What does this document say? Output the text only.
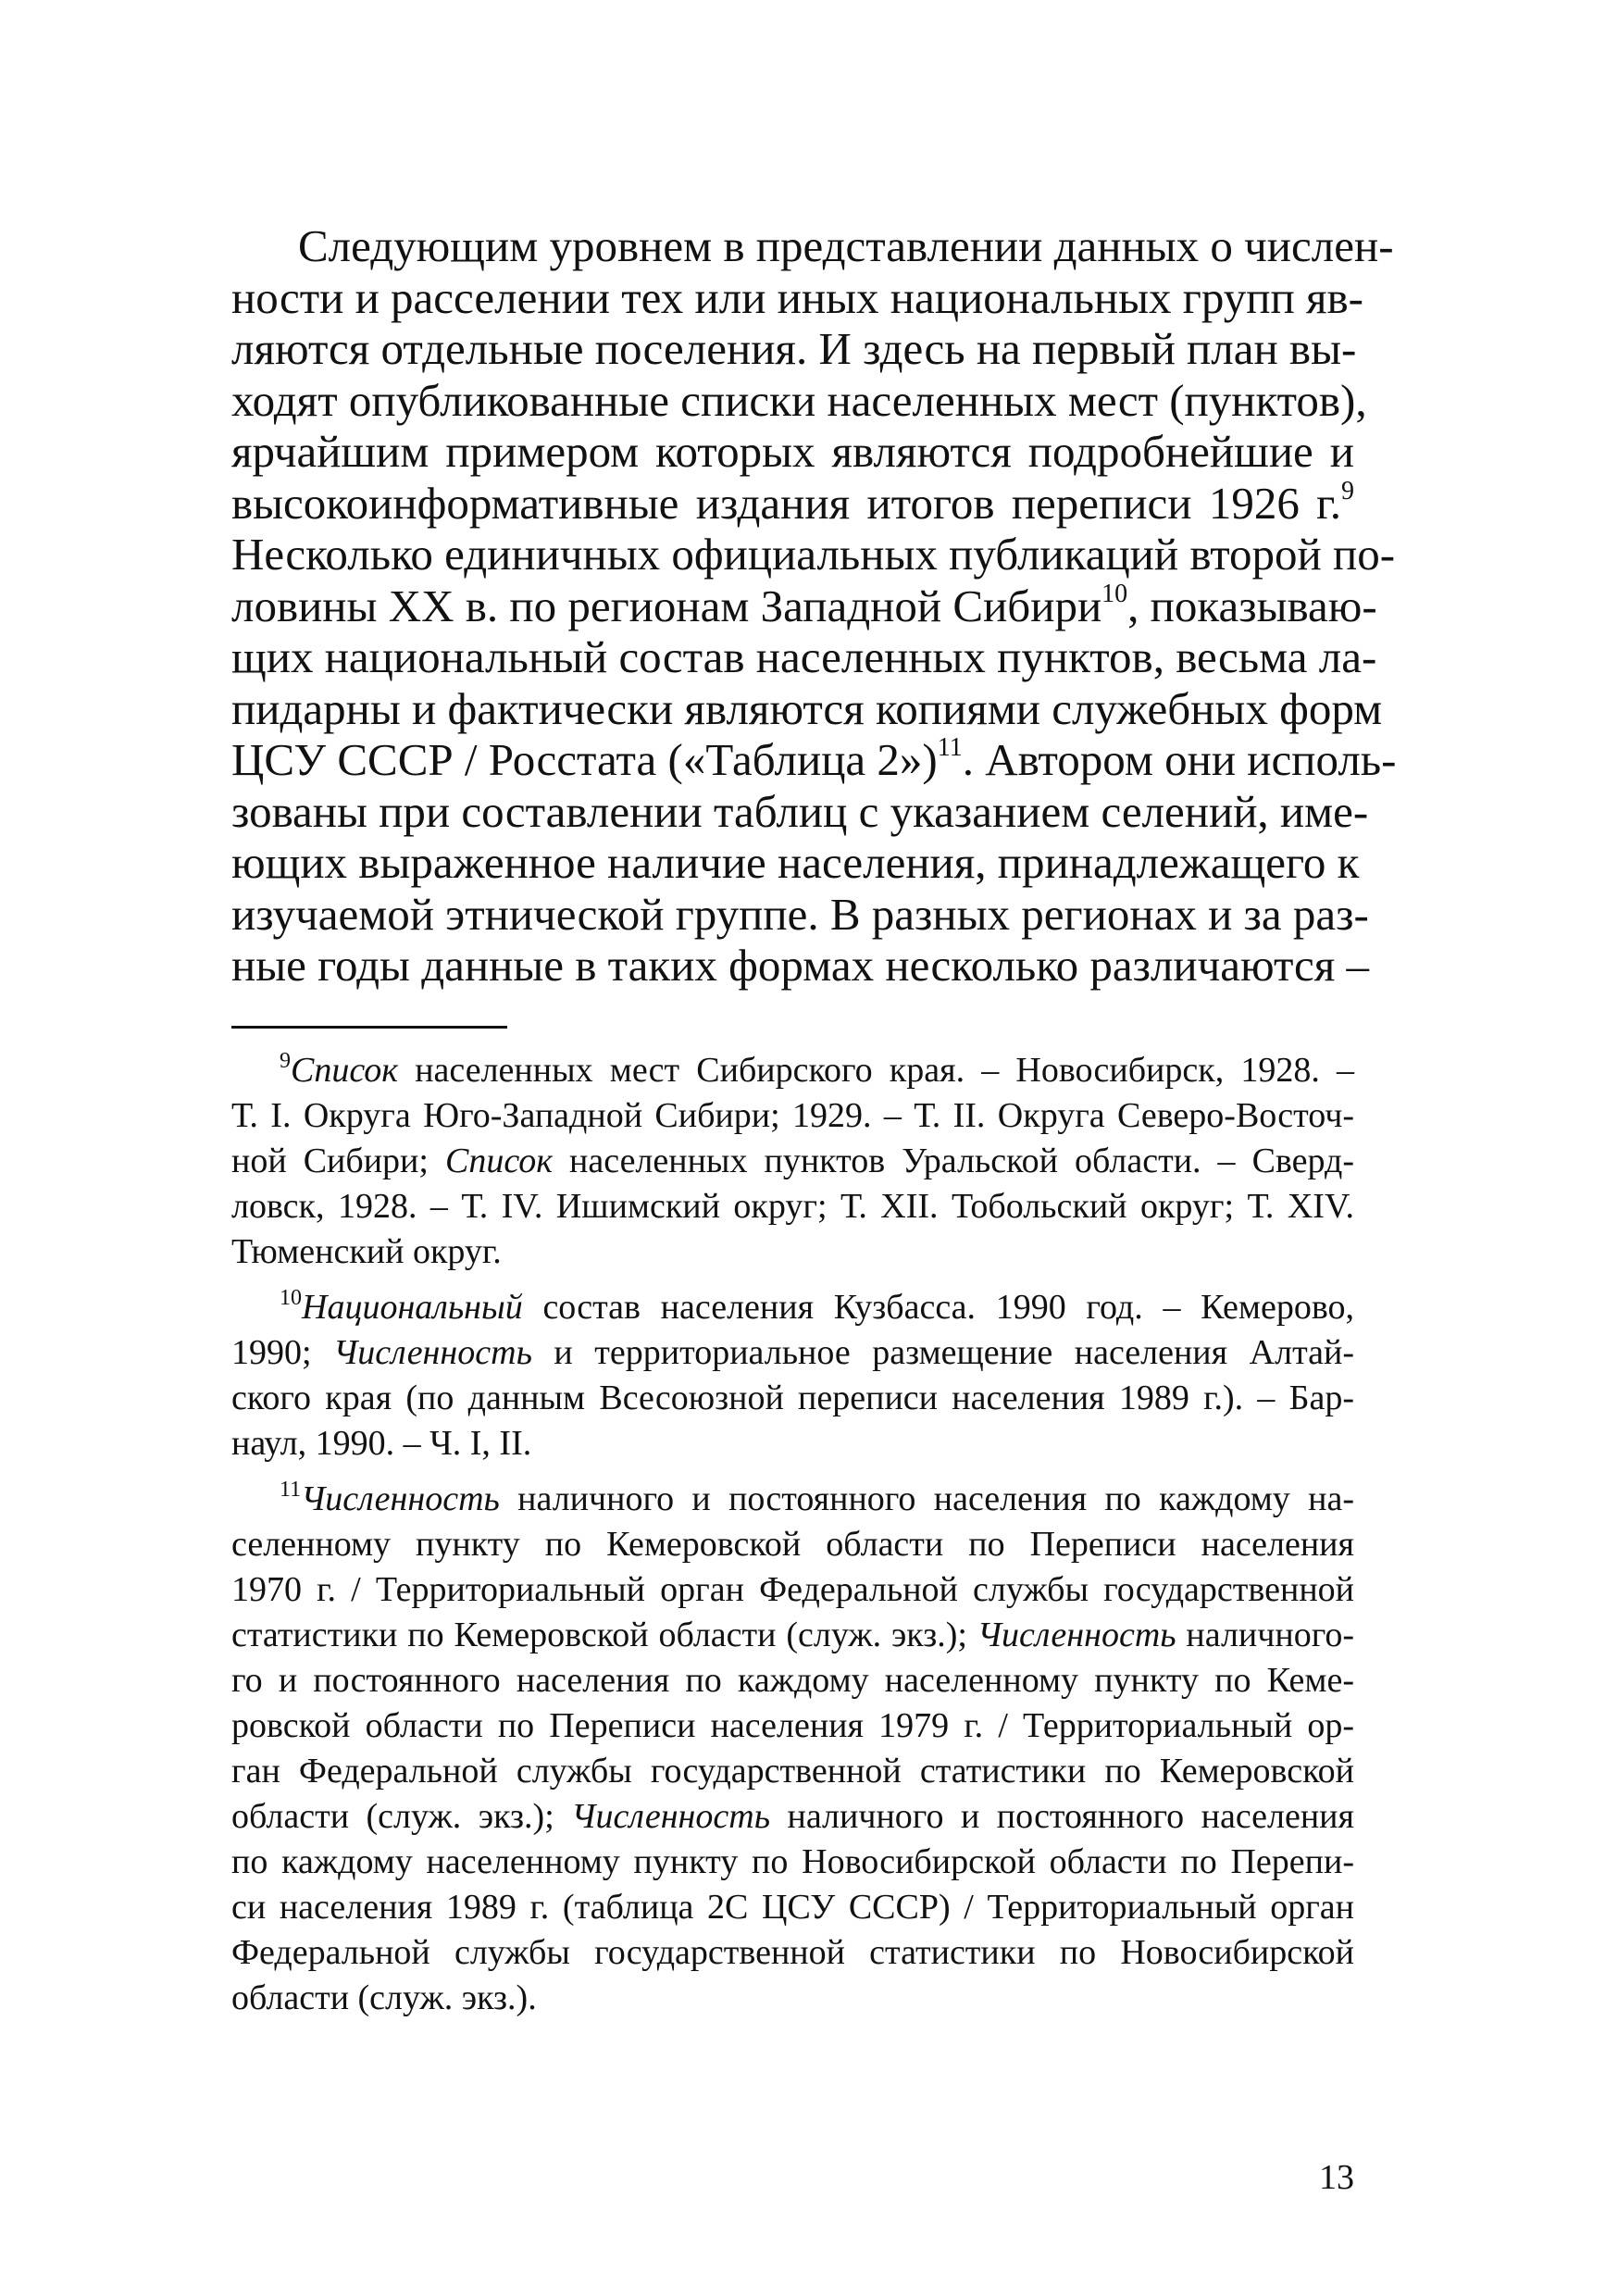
Следующим уровнем в представлении данных о числен-
ности и расселении тех или иных национальных групп яв-
ляются отдельные поселения. И здесь на первый план вы-
ходят опубликованные списки населенных мест (пунктов),
ярчайшим примером которых являются подробнейшие и
высокоинформативные издания итогов переписи 1926 г.$^9$
Несколько единичных официальных публикаций второй по-
ловины XX в. по регионам Западной Сибири$^{10}$, показываю-
щих национальный состав населенных пунктов, весьма ла-
пидарны и фактически являются копиями служебных форм
ЦСУ СССР / Росстата («Таблица 2»)$^{11}$. Автором они исполь-
зованы при составлении таблиц с указанием селений, име-
ющих выраженное наличие населения, принадлежащего к
изучаемой этнической группе. В разных регионах и за раз-
ные годы данные в таких формах несколько различаются –
$^9$Список населенных мест Сибирского края. – Новосибирск, 1928. –
Т. I. Округа Юго-Западной Сибири; 1929. – Т. II. Округа Северо-Восточ-
ной Сибири; Список населенных пунктов Уральской области. – Сверд-
ловск, 1928. – Т. IV. Ишимский округ; Т. XII. Тобольский округ; Т. XIV.
Тюменский округ.
$^{10}$Национальный состав населения Кузбасса. 1990 год. – Кемерово,
1990; Численность и территориальное размещение населения Алтай-
ского края (по данным Всесоюзной переписи населения 1989 г.). – Бар-
наул, 1990. – Ч. I, II.
$^{11}$Численность наличного и постоянного населения по каждому на-
селенному пункту по Кемеровской области по Переписи населения
1970 г. / Территориальный орган Федеральной службы государственной
статистики по Кемеровской области (служ. экз.); Численность наличного-
го и постоянного населения по каждому населенному пункту по Кеме-
ровской области по Переписи населения 1979 г. / Территориальный ор-
ган Федеральной службы государственной статистики по Кемеровской
области (служ. экз.); Численность наличного и постоянного населения
по каждому населенному пункту по Новосибирской области по Перепи-
си населения 1989 г. (таблица 2С ЦСУ СССР) / Территориальный орган
Федеральной службы государственной статистики по Новосибирской
области (служ. экз.).
13
